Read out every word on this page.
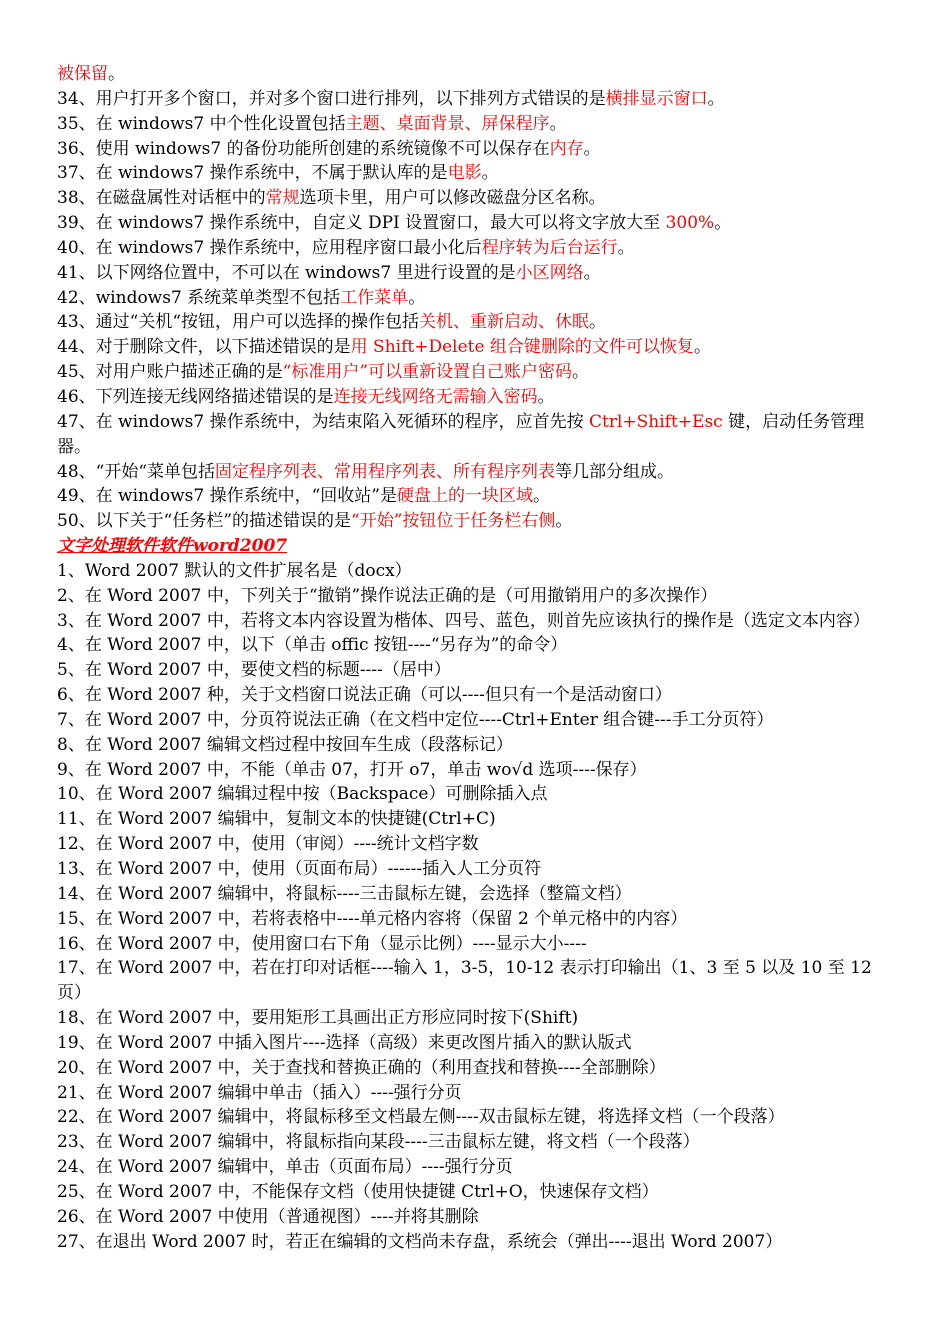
被保留。
34、用户打开多个窗口，并对多个窗口进行排列，以下排列方式错误的是横排显示窗口。
35、在 windows7 中个性化设置包括主题、桌面背景、屏保程序。
36、使用 windows7 的备份功能所创建的系统镜像不可以保存在内存。
37、在 windows7 操作系统中，不属于默认库的是电影。
38、在磁盘属性对话框中的常规选项卡里，用户可以修改磁盘分区名称。
39、在 windows7 操作系统中，自定义 DPI 设置窗口，最大可以将文字放大至 300%。
40、在 windows7 操作系统中，应用程序窗口最小化后程序转为后台运行。
41、以下网络位置中，不可以在 windows7 里进行设置的是小区网络。
42、windows7 系统菜单类型不包括工作菜单。
43、通过“关机“按钮，用户可以选择的操作包括关机、重新启动、休眠。
44、对于删除文件，以下描述错误的是用 Shift+Delete 组合键删除的文件可以恢复。
45、对用户账户描述正确的是“标准用户”可以重新设置自己账户密码。
46、下列连接无线网络描述错误的是连接无线网络无需输入密码。
47、在 windows7 操作系统中，为结束陷入死循环的程序，应首先按 Ctrl+Shift+Esc 键，启动任务管理器。
48、“开始“菜单包括固定程序列表、常用程序列表、所有程序列表等几部分组成。
49、在 windows7 操作系统中，“回收站”是硬盘上的一块区域。
50、以下关于“任务栏”的描述错误的是“开始”按钮位于任务栏右侧。
文字处理软件软件word2007
1、Word 2007 默认的文件扩展名是（docx）
2、在 Word 2007 中，下列关于“撤销”操作说法正确的是（可用撤销用户的多次操作）
3、在 Word 2007 中，若将文本内容设置为楷体、四号、蓝色，则首先应该执行的操作是（选定文本内容）
4、在 Word 2007 中，以下（单击 offic 按钮----“另存为”的命令）
5、在 Word 2007 中，要使文档的标题----（居中）
6、在 Word 2007 种，关于文档窗口说法正确（可以----但只有一个是活动窗口）
7、在 Word 2007 中，分页符说法正确（在文档中定位----Ctrl+Enter 组合键---手工分页符）
8、在 Word 2007 编辑文档过程中按回车生成（段落标记）
9、在 Word 2007 中，不能（单击 07，打开 o7，单击 wo√d 选项----保存）
10、在 Word 2007 编辑过程中按（Backspace）可删除插入点
11、在 Word 2007 编辑中，复制文本的快捷键(Ctrl+C)
12、在 Word 2007 中，使用（审阅）----统计文档字数
13、在 Word 2007 中，使用（页面布局）------插入人工分页符
14、在 Word 2007 编辑中，将鼠标----三击鼠标左键，会选择（整篇文档）
15、在 Word 2007 中，若将表格中----单元格内容将（保留 2 个单元格中的内容）
16、在 Word 2007 中，使用窗口右下角（显示比例）----显示大小----
17、在 Word 2007 中，若在打印对话框----输入 1，3-5，10-12 表示打印输出（1、3 至 5 以及 10 至 12 页）
18、在 Word 2007 中，要用矩形工具画出正方形应同时按下(Shift)
19、在 Word 2007 中插入图片----选择（高级）来更改图片插入的默认版式
20、在 Word 2007 中，关于查找和替换正确的（利用查找和替换----全部删除）
21、在 Word 2007 编辑中单击（插入）----强行分页
22、在 Word 2007 编辑中，将鼠标移至文档最左侧----双击鼠标左键，将选择文档（一个段落）
23、在 Word 2007 编辑中，将鼠标指向某段----三击鼠标左键，将文档（一个段落）
24、在 Word 2007 编辑中，单击（页面布局）----强行分页
25、在 Word 2007 中，不能保存文档（使用快捷键 Ctrl+O，快速保存文档）
26、在 Word 2007 中使用（普通视图）----并将其删除
27、在退出 Word 2007 时，若正在编辑的文档尚未存盘，系统会（弹出----退出 Word 2007）
